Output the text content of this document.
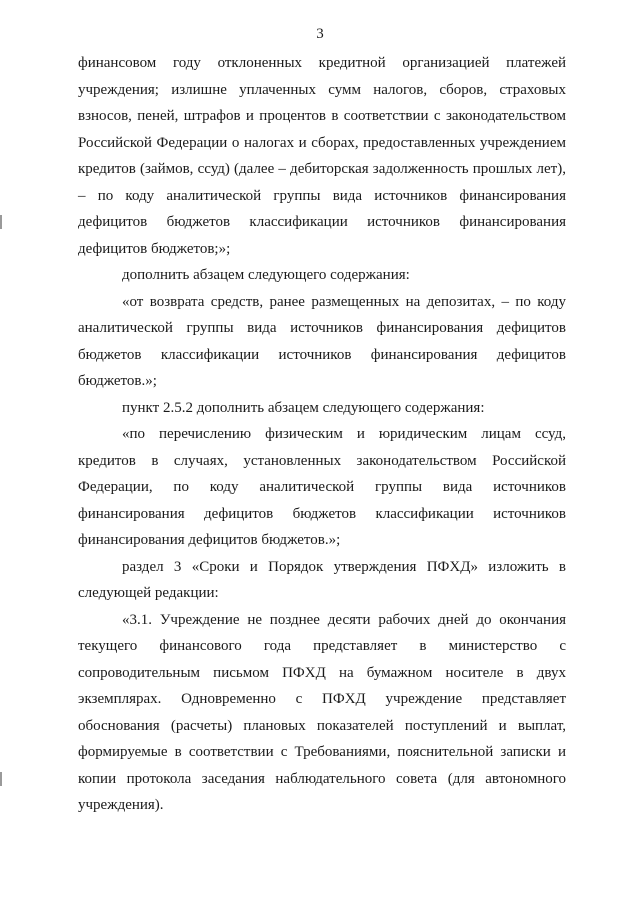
3

финансовом году отклоненных кредитной организацией платежей учреждения; излишне уплаченных сумм налогов, сборов, страховых взносов, пеней, штрафов и процентов в соответствии с законодательством Российской Федерации о налогах и сборах, предоставленных учреждением кредитов (займов, ссуд) (далее – дебиторская задолженность прошлых лет), – по коду аналитической группы вида источников финансирования дефицитов бюджетов классификации источников финансирования дефицитов бюджетов;»;

дополнить абзацем следующего содержания:

«от возврата средств, ранее размещенных на депозитах, – по коду аналитической группы вида источников финансирования дефицитов бюджетов классификации источников финансирования дефицитов бюджетов.»;

пункт 2.5.2 дополнить абзацем следующего содержания:

«по перечислению физическим и юридическим лицам ссуд, кредитов в случаях, установленных законодательством Российской Федерации, по коду аналитической группы вида источников финансирования дефицитов бюджетов классификации источников финансирования дефицитов бюджетов.»;

раздел 3 «Сроки и Порядок утверждения ПФХД» изложить в следующей редакции:

«3.1. Учреждение не позднее десяти рабочих дней до окончания текущего финансового года представляет в министерство с сопроводительным письмом ПФХД на бумажном носителе в двух экземплярах. Одновременно с ПФХД учреждение представляет обоснования (расчеты) плановых показателей поступлений и выплат, формируемые в соответствии с Требованиями, пояснительной записки и копии протокола заседания наблюдательного совета (для автономного учреждения).
